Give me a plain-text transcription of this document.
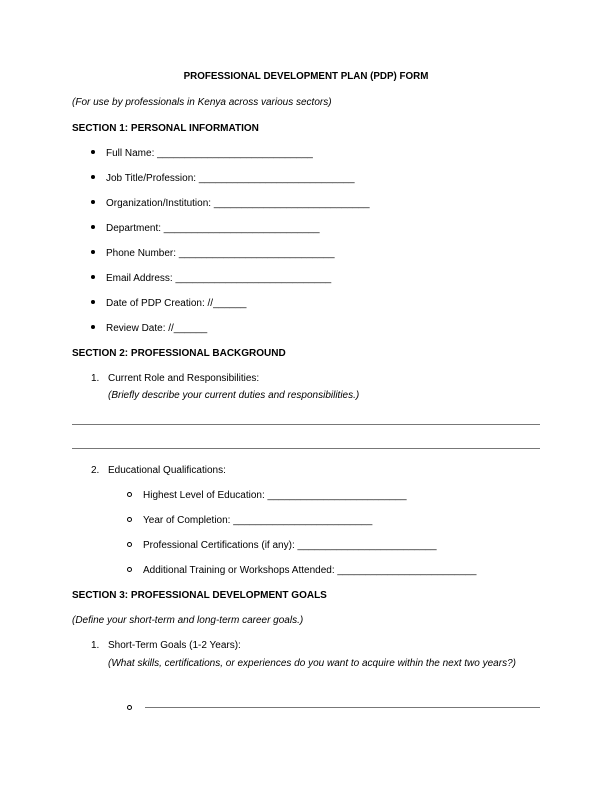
PROFESSIONAL DEVELOPMENT PLAN (PDP) FORM
(For use by professionals in Kenya across various sectors)
SECTION 1: PERSONAL INFORMATION
Full Name: ____________________________
Job Title/Profession: ____________________________
Organization/Institution: ____________________________
Department: ____________________________
Phone Number: ____________________________
Email Address: ____________________________
Date of PDP Creation: //______
Review Date: //______
SECTION 2: PROFESSIONAL BACKGROUND
1. Current Role and Responsibilities:
(Briefly describe your current duties and responsibilities.)
2. Educational Qualifications:
Highest Level of Education: _________________________
Year of Completion: _________________________
Professional Certifications (if any): _________________________
Additional Training or Workshops Attended: _________________________
SECTION 3: PROFESSIONAL DEVELOPMENT GOALS
(Define your short-term and long-term career goals.)
1. Short-Term Goals (1-2 Years):
(What skills, certifications, or experiences do you want to acquire within the next two years?)
